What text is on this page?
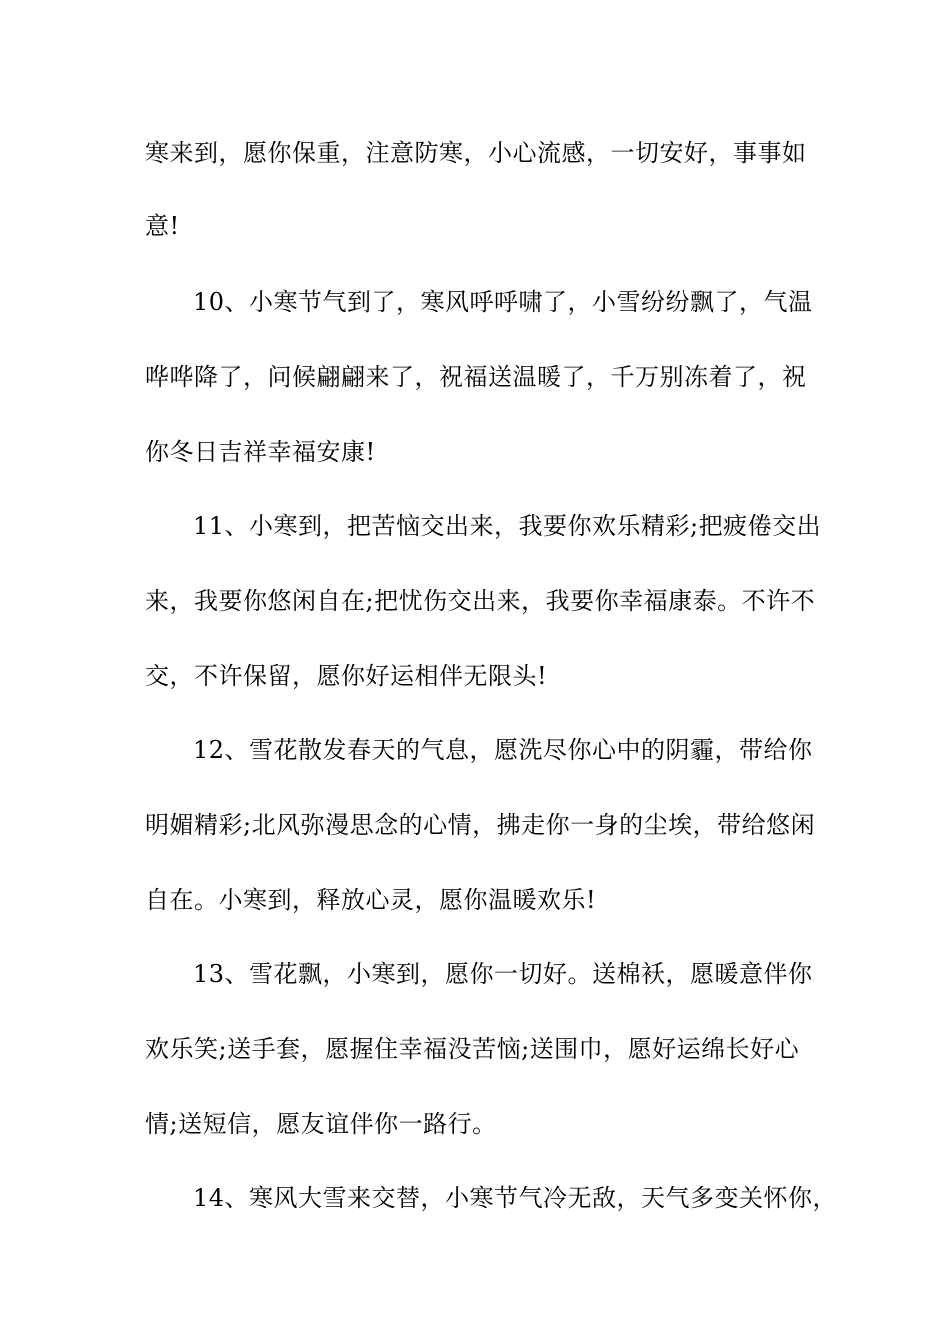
寒来到，愿你保重，注意防寒，小心流感，一切安好，事事如
意!
10、小寒节气到了，寒风呼呼啸了，小雪纷纷飘了，气温
哗哗降了，问候翩翩来了，祝福送温暖了，千万别冻着了，祝
你冬日吉祥幸福安康!
11、小寒到，把苦恼交出来，我要你欢乐精彩;把疲倦交出
来，我要你悠闲自在;把忧伤交出来，我要你幸福康泰。不许不
交，不许保留，愿你好运相伴无限头!
12、雪花散发春天的气息，愿洗尽你心中的阴霾，带给你
明媚精彩;北风弥漫思念的心情，拂走你一身的尘埃，带给悠闲
自在。小寒到，释放心灵，愿你温暖欢乐!
13、雪花飘，小寒到，愿你一切好。送棉袄，愿暖意伴你
欢乐笑;送手套，愿握住幸福没苦恼;送围巾，愿好运绵长好心
情;送短信，愿友谊伴你一路行。
14、寒风大雪来交替，小寒节气冷无敌，天气多变关怀你，
